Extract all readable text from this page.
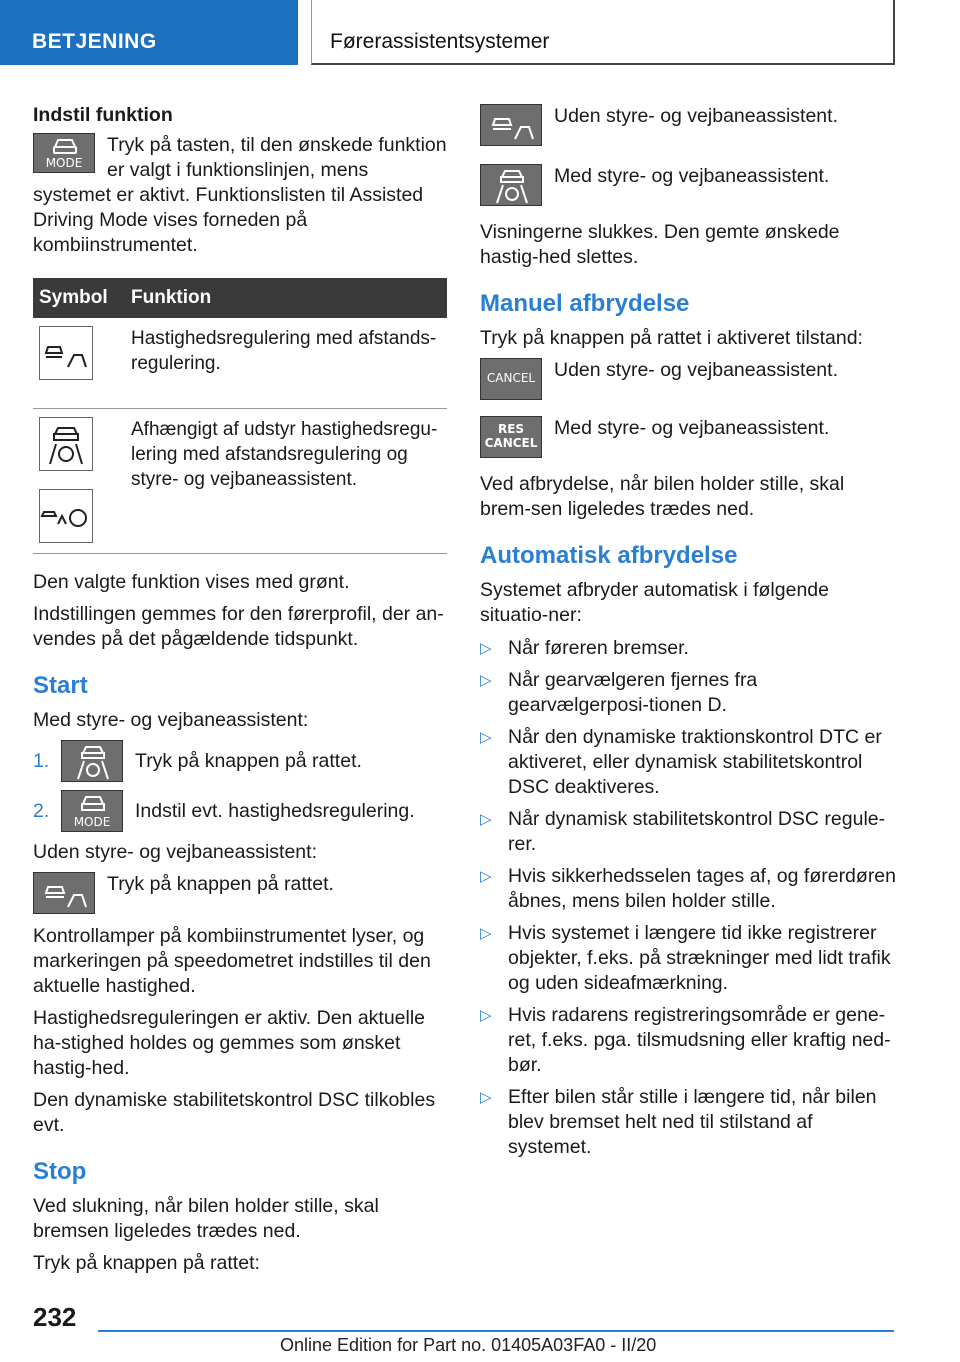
BETJENING	Førerassistentsystemer
Indstil funktion
MODE

Tryk på tasten, til den ønskede funktion er valgt i funktionslinjen, mens systemet er aktivt. Funktionslisten til Assisted Driving Mode vises forneden på kombiinstrumentet.

Symbol	Funktion

	Hastighedsregulering med afstands-regulering.

	Afhængigt af udstyr hastighedsregu-lering med afstandsregulering og styre- og vejbaneassistent.

Den valgte funktion vises med grønt.

Indstillingen gemmes for den førerprofil, der an-vendes på det pågældende tidspunkt.

Start

Med styre- og vejbaneassistent:

1.	Tryk på knappen på rattet.
2.
MODE
Indstil evt. hastighedsregulering.

Uden styre- og vejbaneassistent:

Tryk på knappen på rattet.

Kontrollamper på kombiinstrumentet lyser, og markeringen på speedometret indstilles til den aktuelle hastighed.

Hastighedsreguleringen er aktiv. Den aktuelle ha-stighed holdes og gemmes som ønsket hastig-hed.

Den dynamiske stabilitetskontrol DSC tilkobles evt.

Stop

Ved slukning, når bilen holder stille, skal bremsen ligeledes trædes ned.

Tryk på knappen på rattet:

Uden styre- og vejbaneassistent.

Med styre- og vejbaneassistent.

Visningerne slukkes. Den gemte ønskede hastig-hed slettes.

Manuel afbrydelse

Tryk på knappen på rattet i aktiveret tilstand:

CANCEL Uden styre- og vejbaneassistent.

RES
CANCEL

Med styre- og vejbaneassistent.

Ved afbrydelse, når bilen holder stille, skal brem-sen ligeledes trædes ned.

Automatisk afbrydelse

Systemet afbryder automatisk i følgende situatio-ner:

▷ Når føreren bremser.
▷ Når gearvælgeren fjernes fra gearvælgerposi-tionen D.
▷ Når den dynamiske traktionskontrol DTC er aktiveret, eller dynamisk stabilitetskontrol DSC deaktiveres.
▷ Når dynamisk stabilitetskontrol DSC regule-rer.
▷ Hvis sikkerhedsselen tages af, og førerdøren åbnes, mens bilen holder stille.
▷ Hvis systemet i længere tid ikke registrerer objekter, f.eks. på strækninger med lidt trafik og uden sideafmærkning.
▷ Hvis radarens registreringsområde er gene-ret, f.eks. pga. tilsmudsning eller kraftig ned-bør.
▷ Efter bilen står stille i længere tid, når bilen blev bremset helt ned til stilstand af systemet.
232
Online Edition for Part no. 01405A03FA0 - II/20
